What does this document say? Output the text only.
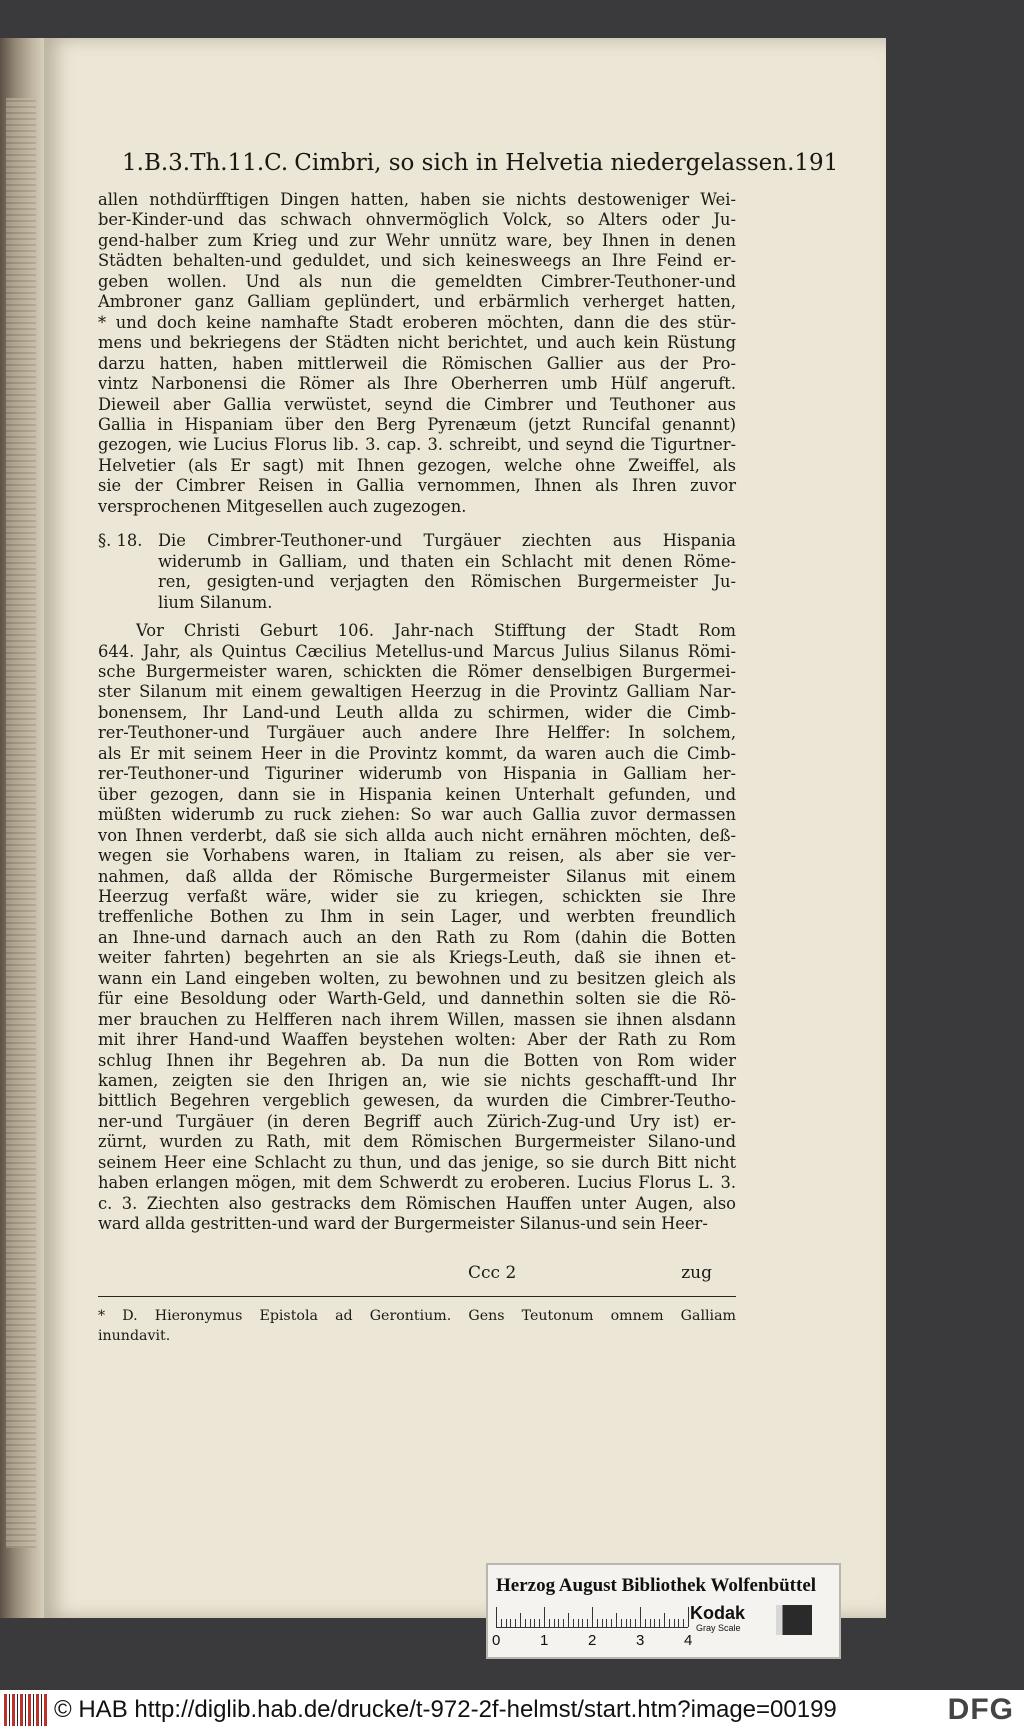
1.B.3.Th.11.C. Cimbri, so sich in Helvetia niedergelassen. 191

allen nothdürfftigen Dingen hatten, haben sie nichts destoweniger Wei-

ber-Kinder-und das schwach ohnvermöglich Volck, so Alters oder Ju-

gend-halber zum Krieg und zur Wehr unnütz ware, bey Ihnen in denen

Städten behalten-und geduldet, und sich keinesweegs an Ihre Feind er-

geben wollen. Und als nun die gemeldten Cimbrer-Teuthoner-und

Ambroner ganz Galliam geplündert, und erbärmlich verherget hatten,

* und doch keine namhafte Stadt eroberen möchten, dann die des stür-

mens und bekriegens der Städten nicht berichtet, und auch kein Rüstung

darzu hatten, haben mittlerweil die Römischen Gallier aus der Pro-

vintz Narbonensi die Römer als Ihre Oberherren umb Hülf angeruft.

Dieweil aber Gallia verwüstet, seynd die Cimbrer und Teuthoner aus

Gallia in Hispaniam über den Berg Pyrenæum (jetzt Runcifal genannt)

gezogen, wie Lucius Florus lib. 3. cap. 3. schreibt, und seynd die Tigurtner-

Helvetier (als Er sagt) mit Ihnen gezogen, welche ohne Zweiffel, als

sie der Cimbrer Reisen in Gallia vernommen, Ihnen als Ihren zuvor

versprochenen Mitgesellen auch zugezogen.

§. 18. Die Cimbrer-Teuthoner-und Turgäuer ziechten aus Hispania

widerumb in Galliam, und thaten ein Schlacht mit denen Röme-

ren, gesigten-und verjagten den Römischen Burgermeister Ju-

lium Silanum.

Vor Christi Geburt 106. Jahr-nach Stifftung der Stadt Rom

644. Jahr, als Quintus Cæcilius Metellus-und Marcus Julius Silanus Römi-

sche Burgermeister waren, schickten die Römer denselbigen Burgermei-

ster Silanum mit einem gewaltigen Heerzug in die Provintz Galliam Nar-

bonensem, Ihr Land-und Leuth allda zu schirmen, wider die Cimb-

rer-Teuthoner-und Turgäuer auch andere Ihre Helffer: In solchem,

als Er mit seinem Heer in die Provintz kommt, da waren auch die Cimb-

rer-Teuthoner-und Tiguriner widerumb von Hispania in Galliam her-

über gezogen, dann sie in Hispania keinen Unterhalt gefunden, und

müßten widerumb zu ruck ziehen: So war auch Gallia zuvor dermassen

von Ihnen verderbt, daß sie sich allda auch nicht ernähren möchten, deß-

wegen sie Vorhabens waren, in Italiam zu reisen, als aber sie ver-

nahmen, daß allda der Römische Burgermeister Silanus mit einem

Heerzug verfaßt wäre, wider sie zu kriegen, schickten sie Ihre

treffenliche Bothen zu Ihm in sein Lager, und werbten freundlich

an Ihne-und darnach auch an den Rath zu Rom (dahin die Botten

weiter fahrten) begehrten an sie als Kriegs-Leuth, daß sie ihnen et-

wann ein Land eingeben wolten, zu bewohnen und zu besitzen gleich als

für eine Besoldung oder Warth-Geld, und dannethin solten sie die Rö-

mer brauchen zu Helfferen nach ihrem Willen, massen sie ihnen alsdann

mit ihrer Hand-und Waaffen beystehen wolten: Aber der Rath zu Rom

schlug Ihnen ihr Begehren ab. Da nun die Botten von Rom wider

kamen, zeigten sie den Ihrigen an, wie sie nichts geschafft-und Ihr

bittlich Begehren vergeblich gewesen, da wurden die Cimbrer-Teutho-

ner-und Turgäuer (in deren Begriff auch Zürich-Zug-und Ury ist) er-

zürnt, wurden zu Rath, mit dem Römischen Burgermeister Silano-und

seinem Heer eine Schlacht zu thun, und das jenige, so sie durch Bitt nicht

haben erlangen mögen, mit dem Schwerdt zu eroberen. Lucius Florus L. 3.

c. 3. Ziechten also gestracks dem Römischen Hauffen unter Augen, also

ward allda gestritten-und ward der Burgermeister Silanus-und sein Heer-

Ccc 2	zug

* D. Hieronymus Epistola ad Gerontium. Gens Teutonum omnem Galliam

inundavit.

Herzog August Bibliothek Wolfenbüttel
0	1	2	3	4
Kodak
Gray Scale
© HAB http://diglib.hab.de/drucke/t-972-2f-helmst/start.htm?image=00199	DFG
